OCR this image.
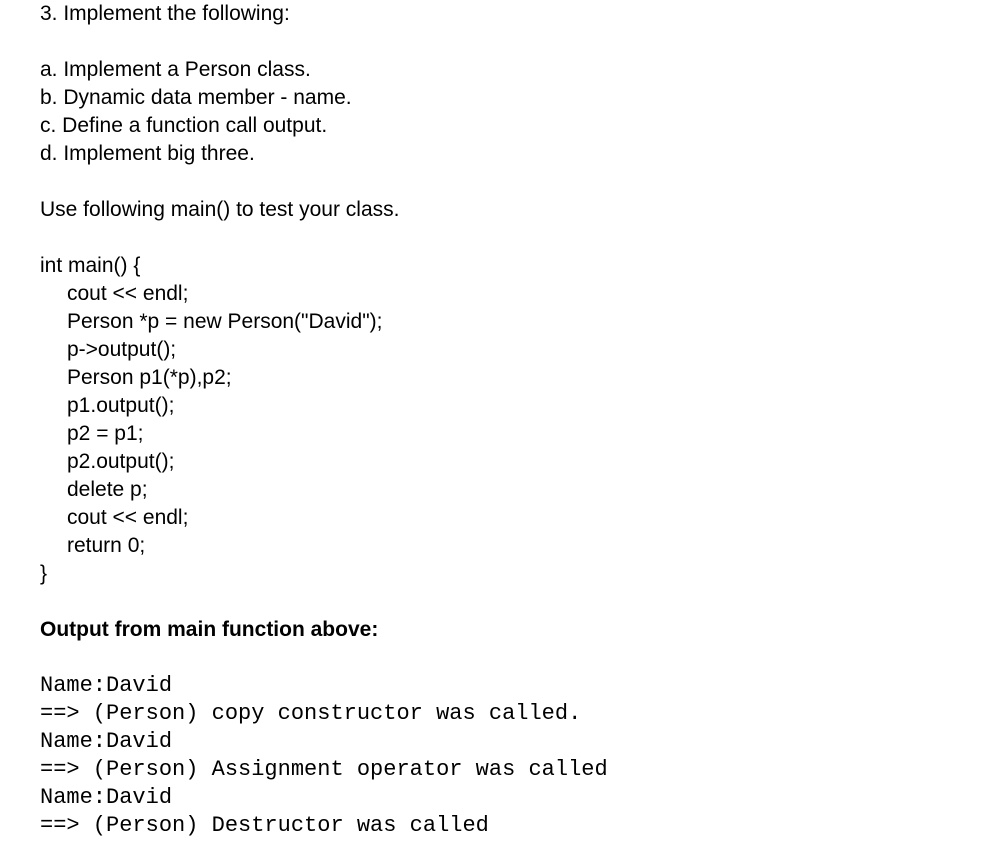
3. Implement the following:
a. Implement a Person class.
b. Dynamic data member - name.
c. Define a function call output.
d. Implement big three.
Use following main() to test your class.
int main() {
cout << endl;
Person *p = new Person("David");
p->output();
Person p1(*p),p2;
p1.output();
p2 = p1;
p2.output();
delete p;
cout << endl;
return 0;
}
Output from main function above:
Name:David
==> (Person) copy constructor was called.
Name:David
==> (Person) Assignment operator was called
Name:David
==> (Person) Destructor was called
